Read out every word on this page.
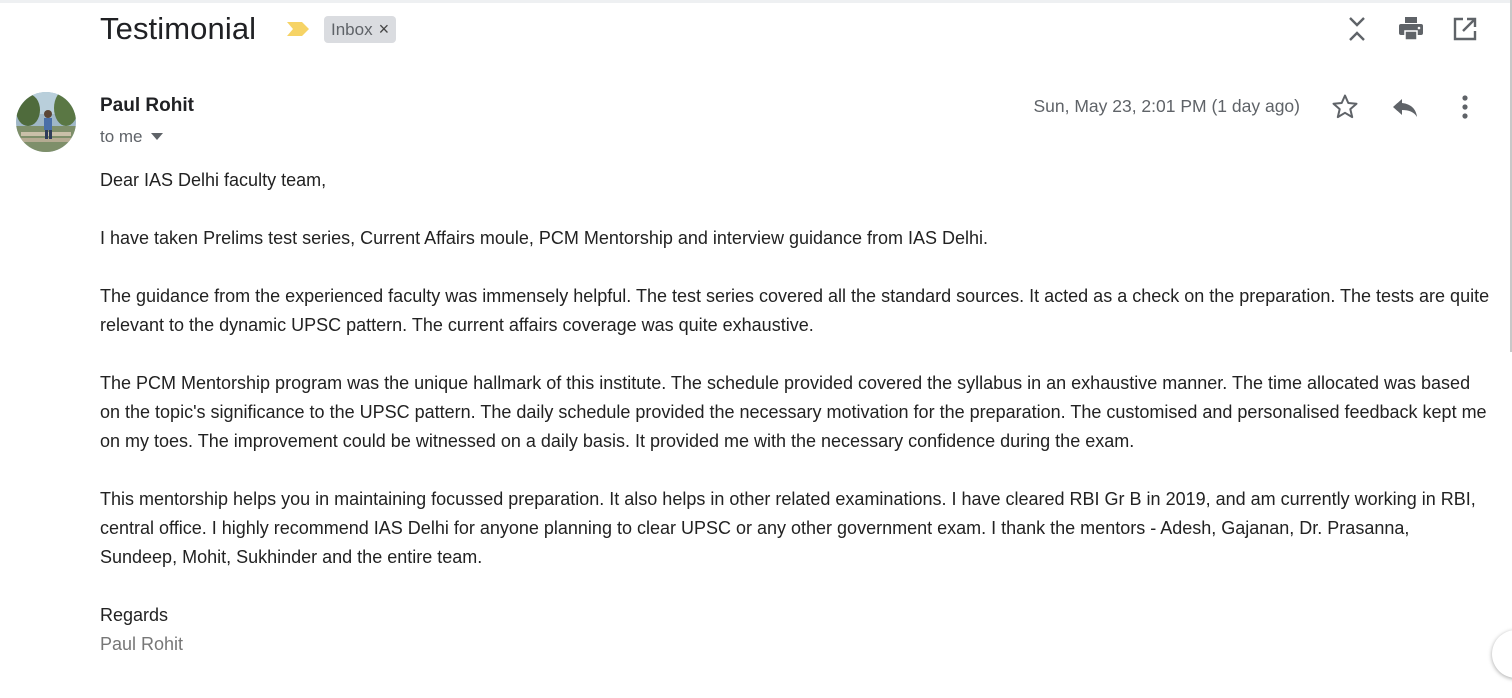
Testimonial	Inbox ×
Paul Rohit
to me
Sun, May 23, 2:01 PM (1 day ago)

Dear IAS Delhi faculty team,

I have taken Prelims test series, Current Affairs moule, PCM Mentorship and interview guidance from IAS Delhi.

The guidance from the experienced faculty was immensely helpful. The test series covered all the standard sources. It acted as a check on the preparation. The tests are quite relevant to the dynamic UPSC pattern. The current affairs coverage was quite exhaustive.

The PCM Mentorship program was the unique hallmark of this institute. The schedule provided covered the syllabus in an exhaustive manner. The time allocated was based on the topic's significance to the UPSC pattern. The daily schedule provided the necessary motivation for the preparation. The customised and personalised feedback kept me on my toes. The improvement could be witnessed on a daily basis. It provided me with the necessary confidence during the exam.

This mentorship helps you in maintaining focussed preparation. It also helps in other related examinations. I have cleared RBI Gr B in 2019, and am currently working in RBI, central office. I highly recommend IAS Delhi for anyone planning to clear UPSC or any other government exam. I thank the mentors - Adesh, Gajanan, Dr. Prasanna, Sundeep, Mohit, Sukhinder and the entire team.

Regards
Paul Rohit
